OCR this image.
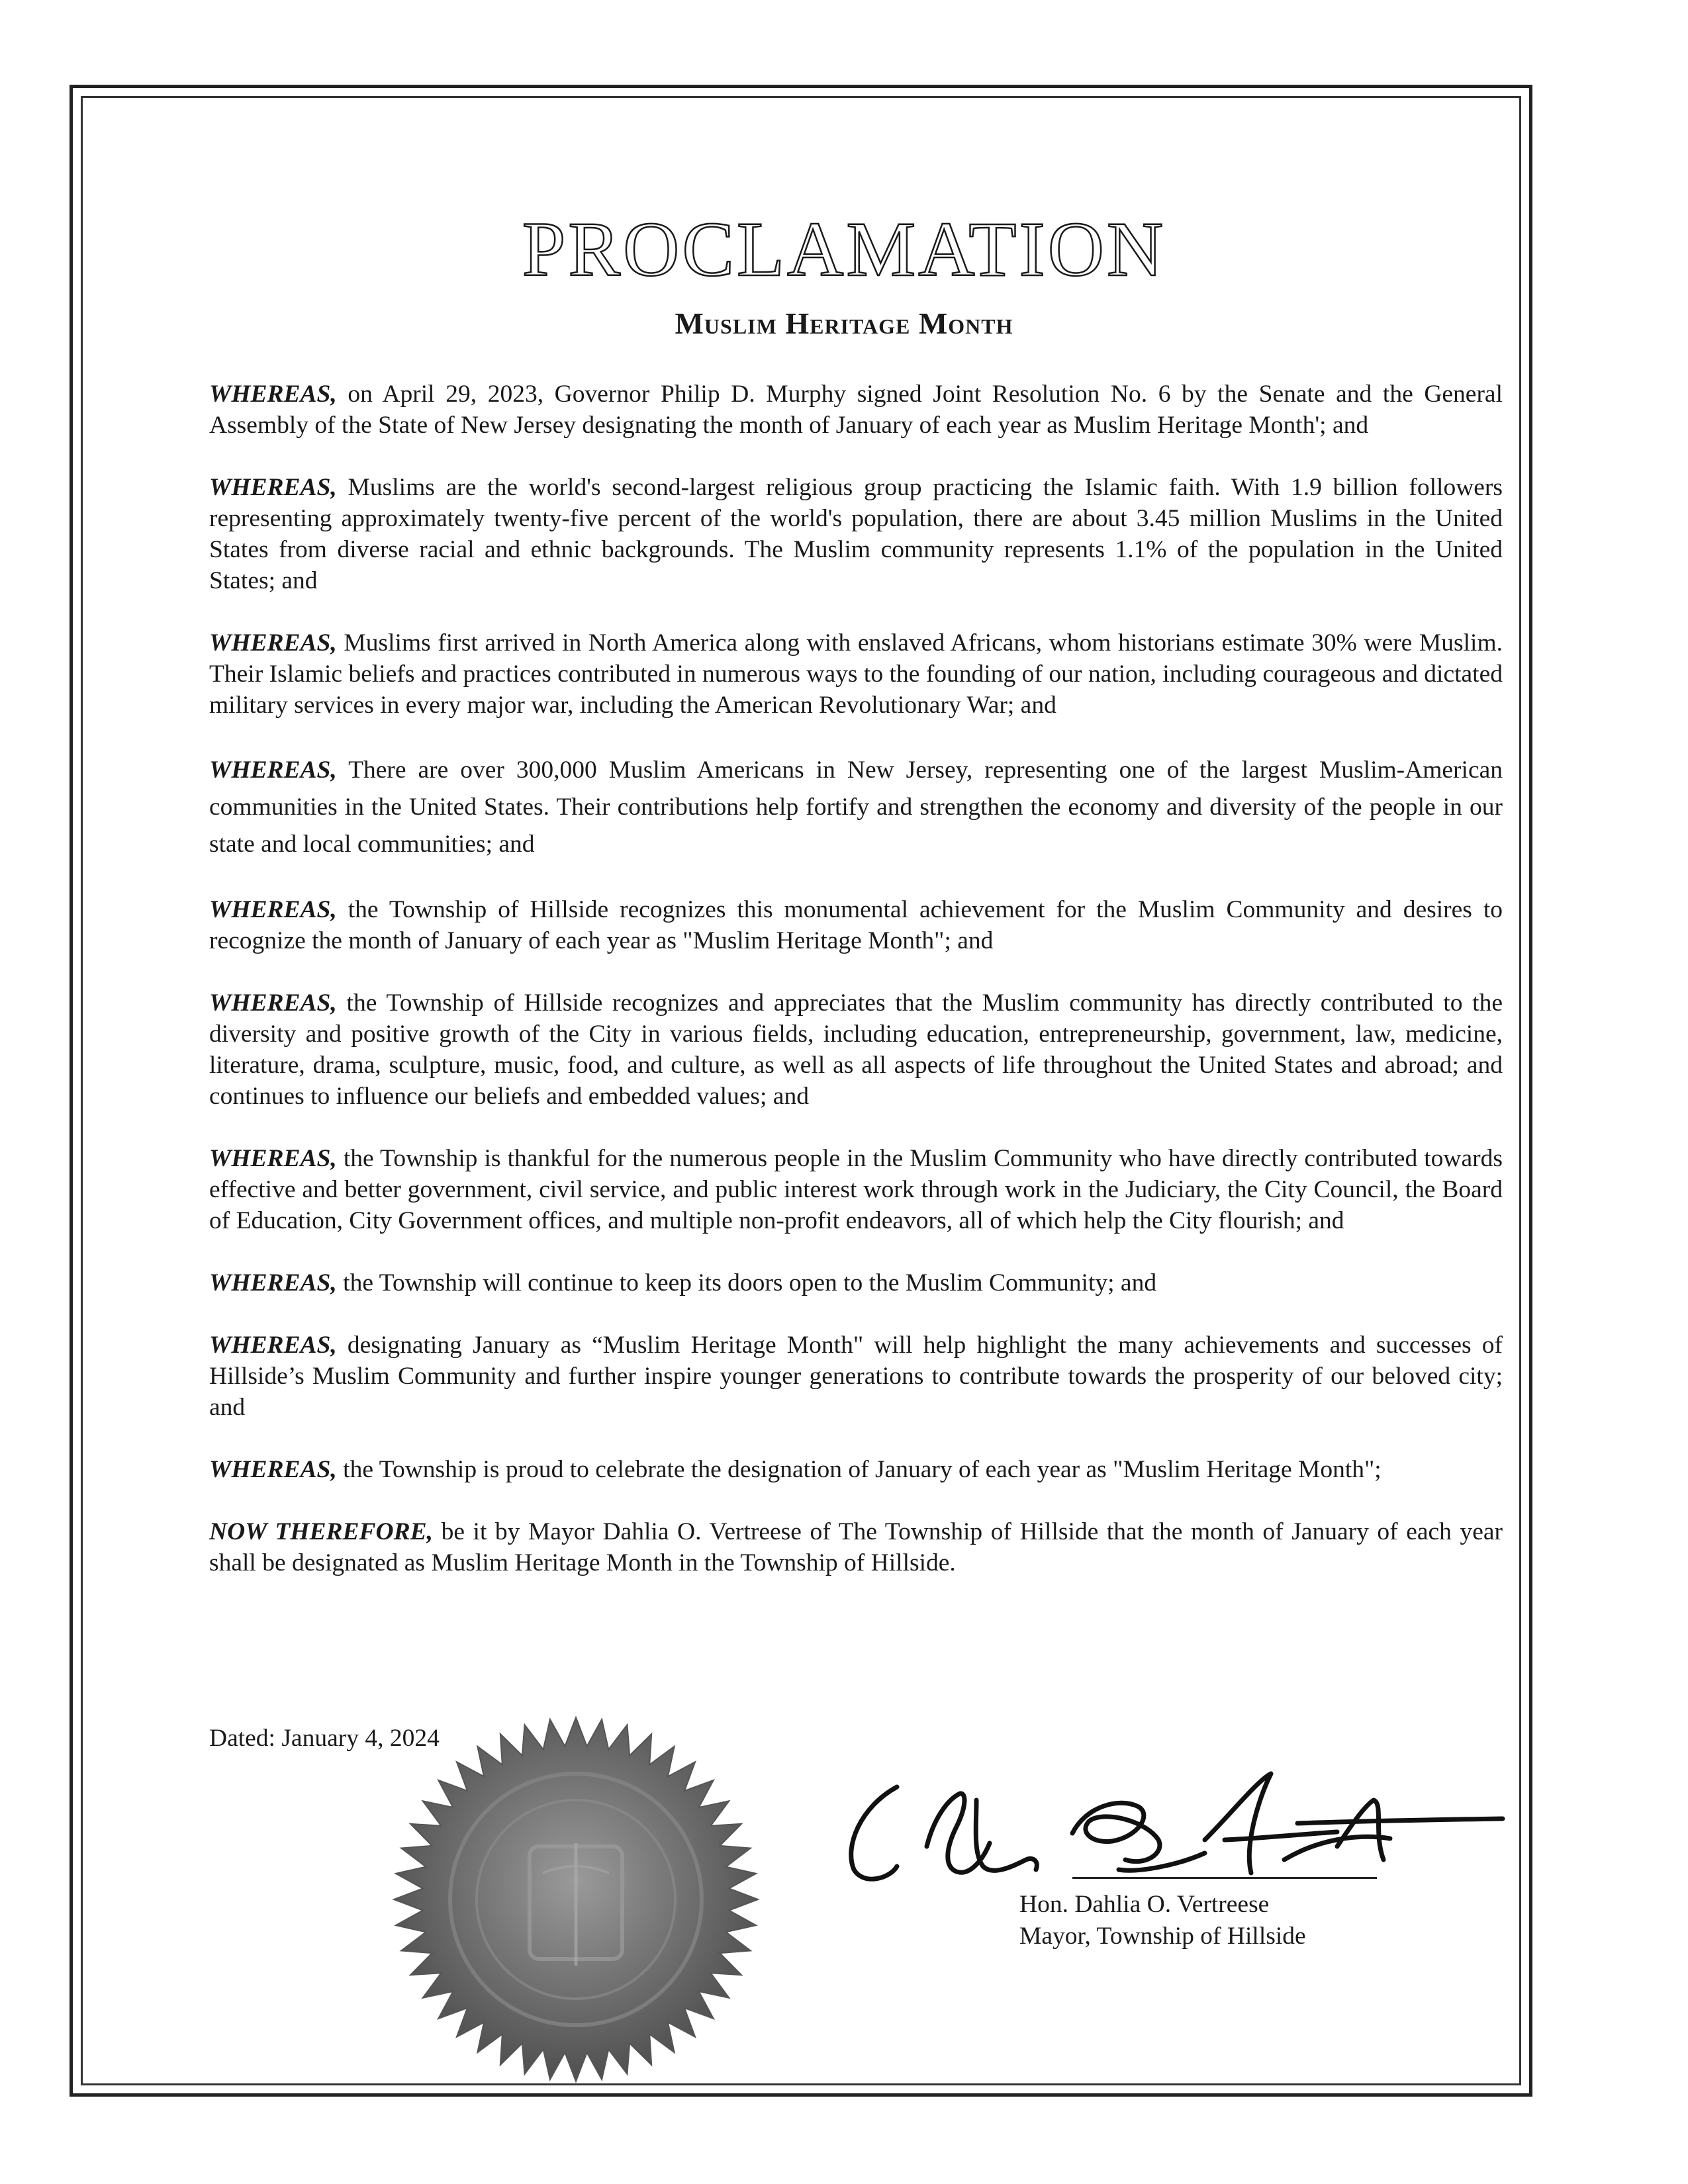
PROCLAMATION
Muslim Heritage Month

WHEREAS, on April 29, 2023, Governor Philip D. Murphy signed Joint Resolution No. 6 by the Senate and the General Assembly of the State of New Jersey designating the month of January of each year as Muslim Heritage Month'; and

WHEREAS, Muslims are the world's second-largest religious group practicing the Islamic faith. With 1.9 billion followers representing approximately twenty-five percent of the world's population, there are about 3.45 million Muslims in the United States from diverse racial and ethnic backgrounds. The Muslim community represents 1.1% of the population in the United States; and

WHEREAS, Muslims first arrived in North America along with enslaved Africans, whom historians estimate 30% were Muslim. Their Islamic beliefs and practices contributed in numerous ways to the founding of our nation, including courageous and dictated military services in every major war, including the American Revolutionary War; and

WHEREAS, There are over 300,000 Muslim Americans in New Jersey, representing one of the largest Muslim-American communities in the United States. Their contributions help fortify and strengthen the economy and diversity of the people in our state and local communities; and

WHEREAS, the Township of Hillside recognizes this monumental achievement for the Muslim Community and desires to recognize the month of January of each year as "Muslim Heritage Month"; and

WHEREAS, the Township of Hillside recognizes and appreciates that the Muslim community has directly contributed to the diversity and positive growth of the City in various fields, including education, entrepreneurship, government, law, medicine, literature, drama, sculpture, music, food, and culture, as well as all aspects of life throughout the United States and abroad; and continues to influence our beliefs and embedded values; and

WHEREAS, the Township is thankful for the numerous people in the Muslim Community who have directly contributed towards effective and better government, civil service, and public interest work through work in the Judiciary, the City Council, the Board of Education, City Government offices, and multiple non-profit endeavors, all of which help the City flourish; and

WHEREAS, the Township will continue to keep its doors open to the Muslim Community; and

WHEREAS, designating January as “Muslim Heritage Month" will help highlight the many achievements and successes of Hillside’s Muslim Community and further inspire younger generations to contribute towards the prosperity of our beloved city; and

WHEREAS, the Township is proud to celebrate the designation of January of each year as "Muslim Heritage Month";

NOW THEREFORE, be it by Mayor Dahlia O. Vertreese of The Township of Hillside that the month of January of each year shall be designated as Muslim Heritage Month in the Township of Hillside.

Dated: January 4, 2024
Hon. Dahlia O. Vertreese
Mayor, Township of Hillside
